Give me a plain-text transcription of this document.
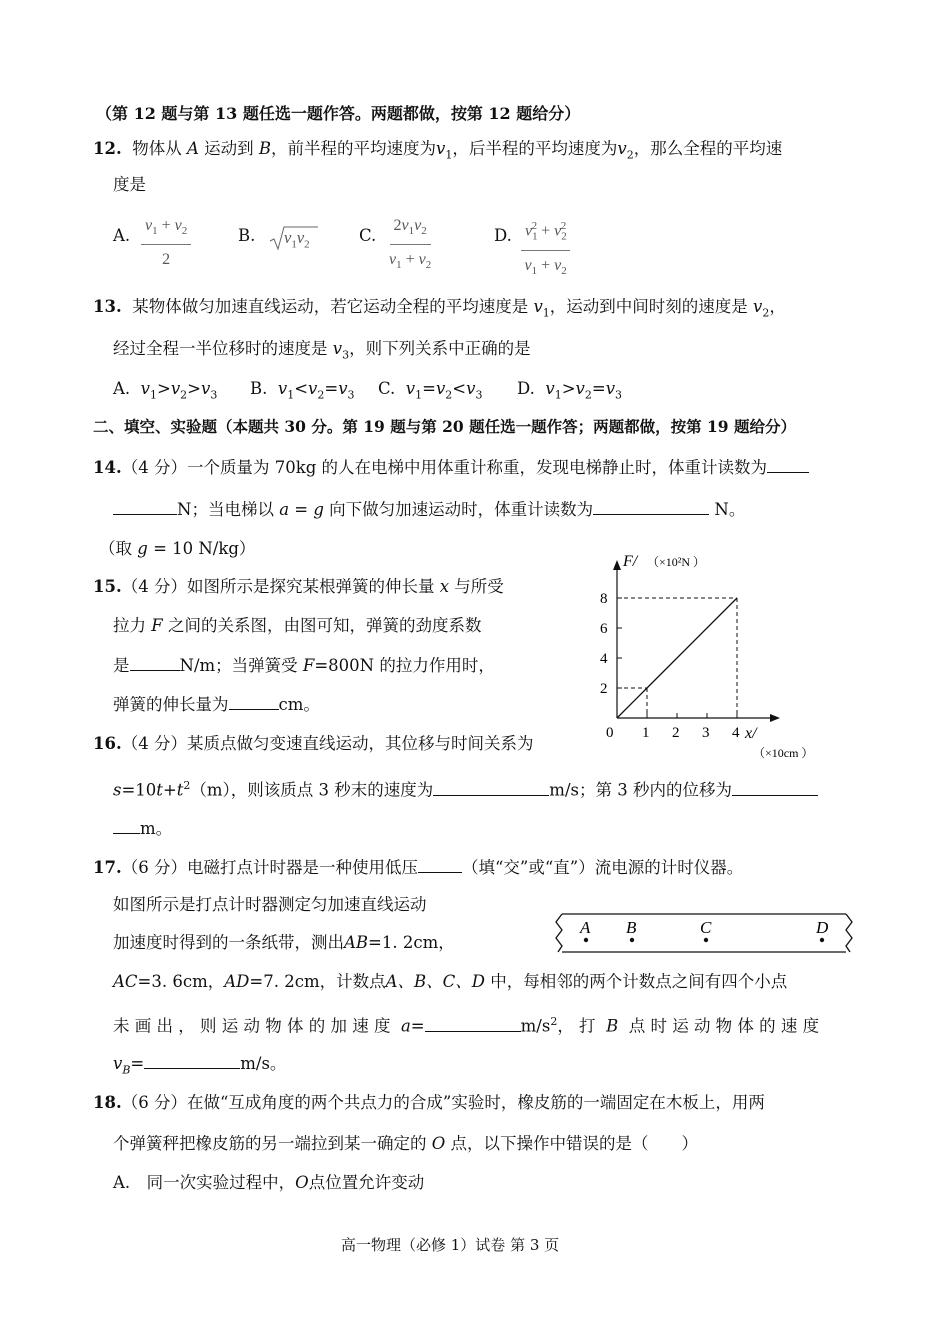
（第 12 题与第 13 题任选一题作答。两题都做，按第 12 题给分）
12. 物体从 A 运动到 B，前半程的平均速度为$v_1$，后半程的平均速度为$v_2$，那么全程的平均速
度是
A. $\frac{v_1 + v_2}{2}$	B.	$v_1v_2$	C. $\frac{2v_1v_2}{v_1 + v_2}$	D. $\frac{v_1^2 + v_2^2}{v_1 + v_2}$
13. 某物体做匀加速直线运动，若它运动全程的平均速度是 $v_1$，运动到中间时刻的速度是 $v_2$，
经过全程一半位移时的速度是 $v_3$，则下列关系中正确的是
A. $v_1>v_2>v_3$ B. $v_1<v_2=v_3$ C. $v_1=v_2<v_3$ D. $v_1>v_2=v_3$
二、填空、实验题（本题共 30 分。第 19 题与第 20 题任选一题作答；两题都做，按第 19 题给分）
14.（4 分）一个质量为 70kg 的人在电梯中用体重计称重，发现电梯静止时，体重计读数为
N；当电梯以 a = g 向下做匀加速运动时，体重计读数为	N。
（取 g = 10 N/kg）
15.（4 分）如图所示是探究某根弹簧的伸长量 x 与所受
拉力 F 之间的关系图，由图可知，弹簧的劲度系数
是	N/m；当弹簧受 F=800N 的拉力作用时，
弹簧的伸长量为	cm。
F/ （×10²N ）
x/
（×10cm ）
0 1 2 3 4
2
4
6
8
16.（4 分）某质点做匀变速直线运动，其位移与时间关系为
$s=10t+t^2(m)$，则该质点 3 秒末的速度为	m/s；第 3 秒内的位移为
m。
17.（6 分）电磁打点计时器是一种使用低压	（填“交”或“直”）流电源的计时仪器。
如图所示是打点计时器测定匀加速直线运动
加速度时得到的一条纸带，测出AB=1. 2cm，
A B	C	D
AC=3. 6cm，AD=7. 2cm，计数点A、B、C、D 中，每相邻的两个计数点之间有四个小点
未 画 出 ， 则 运 动 物 体 的 加 速 度 a=	$m/s^2$， 打 B 点 时 运 动 物 体 的 速 度
$v_B=$	m/s。
18.（6 分）在做“互成角度的两个共点力的合成”实验时，橡皮筋的一端固定在木板上，用两
个弹簧秤把橡皮筋的另一端拉到某一确定的 O 点，以下操作中错误的是（　　）
A.　同一次实验过程中，O点位置允许变动
高一物理（必修 1）试卷 第 3 页
